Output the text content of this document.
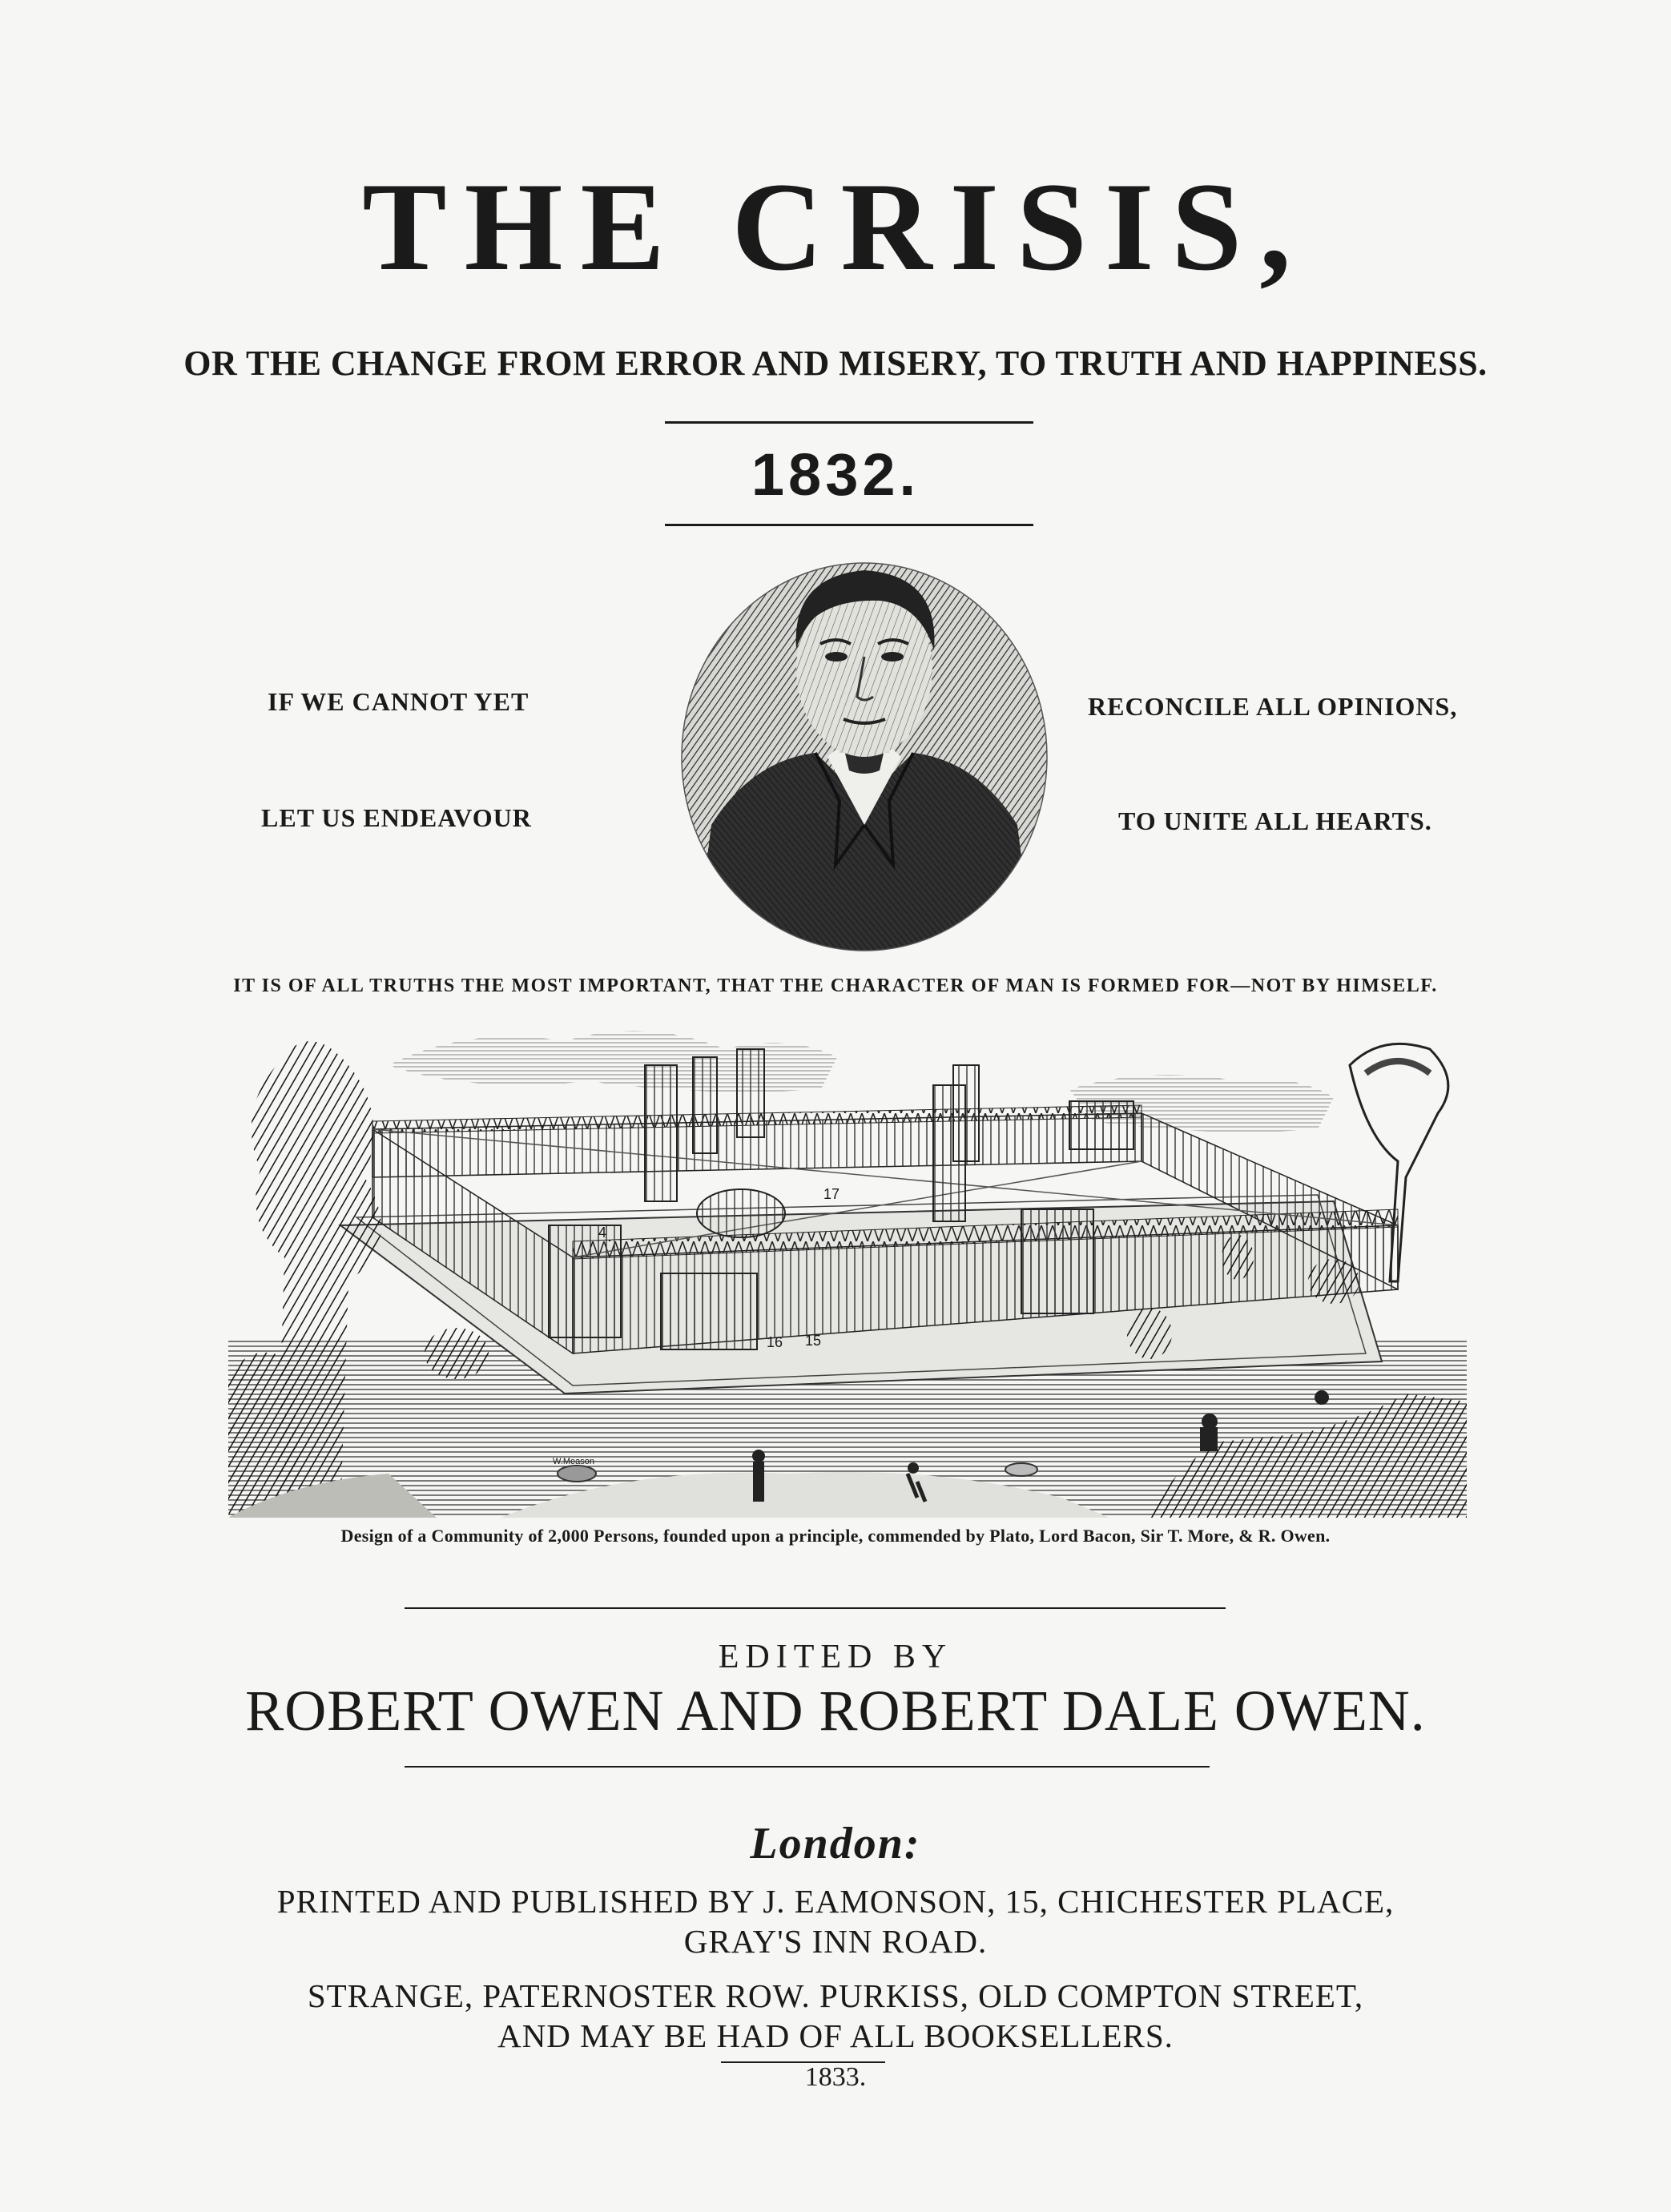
THE CRISIS,
OR THE CHANGE FROM ERROR AND MISERY, TO TRUTH AND HAPPINESS.
1832.
IF WE CANNOT YET	RECONCILE ALL OPINIONS,
LET US ENDEAVOUR	TO UNITE ALL HEARTS.
IT IS OF ALL TRUTHS THE MOST IMPORTANT, THAT THE CHARACTER OF MAN IS FORMED FOR—NOT BY HIMSELF.
17
4
16 15
W.Meason
Design of a Community of 2,000 Persons, founded upon a principle, commended by Plato, Lord Bacon, Sir T. More, & R. Owen.
EDITED BY
ROBERT OWEN AND ROBERT DALE OWEN.
London:
PRINTED AND PUBLISHED BY J. EAMONSON, 15, CHICHESTER PLACE,
GRAY'S INN ROAD.
STRANGE, PATERNOSTER ROW. PURKISS, OLD COMPTON STREET,
AND MAY BE HAD OF ALL BOOKSELLERS.
1833.
